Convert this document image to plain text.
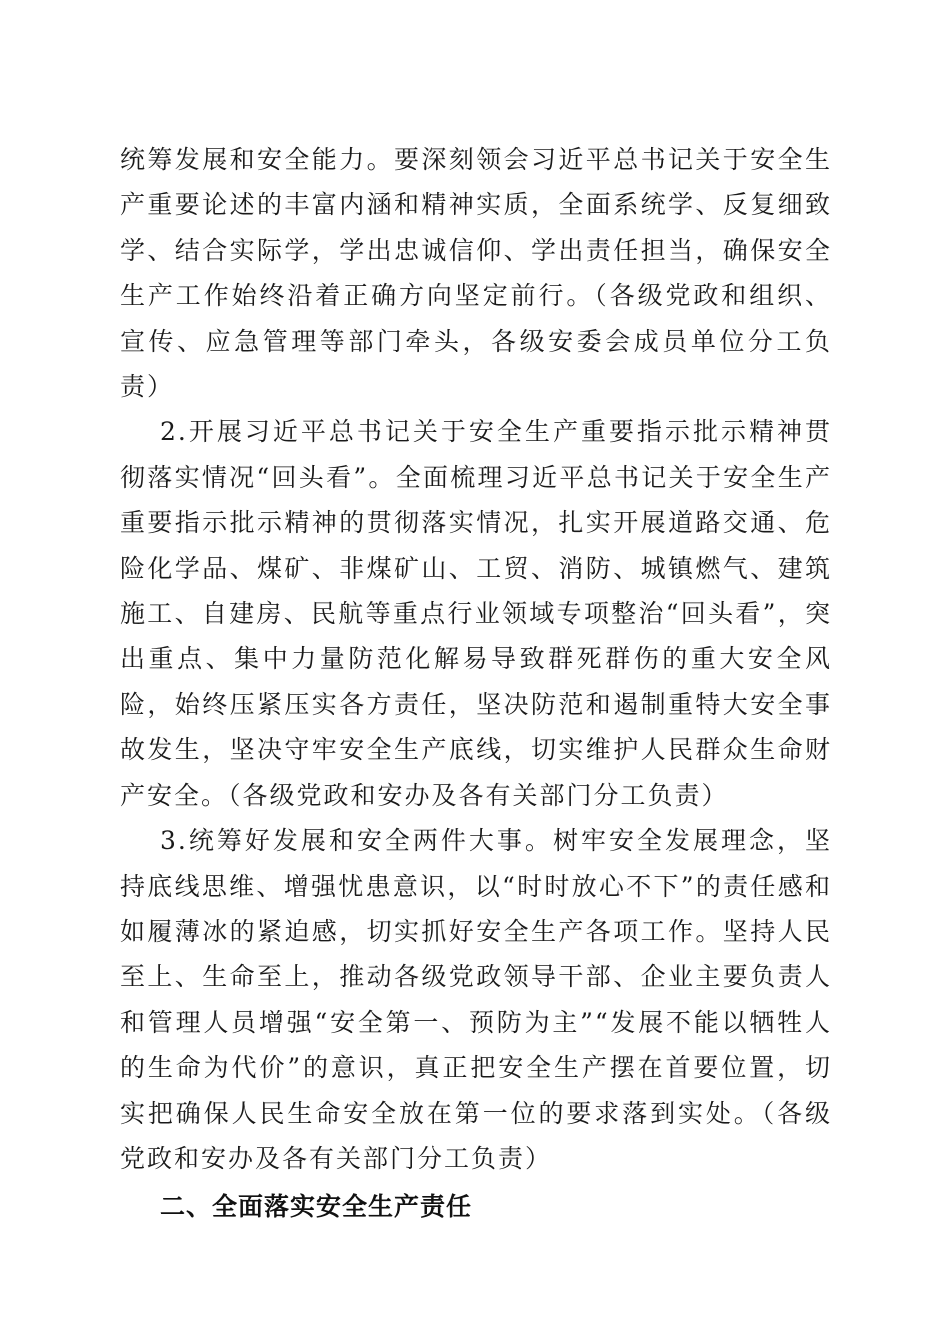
统筹发展和安全能力。要深刻领会习近平总书记关于安全生产重要论述的丰富内涵和精神实质，全面系统学、反复细致学、结合实际学，学出忠诚信仰、学出责任担当，确保安全生产工作始终沿着正确方向坚定前行。（各级党政和组织、宣传、应急管理等部门牵头，各级安委会成员单位分工负责）

2.开展习近平总书记关于安全生产重要指示批示精神贯彻落实情况“回头看”。全面梳理习近平总书记关于安全生产重要指示批示精神的贯彻落实情况，扎实开展道路交通、危险化学品、煤矿、非煤矿山、工贸、消防、城镇燃气、建筑施工、自建房、民航等重点行业领域专项整治“回头看”，突出重点、集中力量防范化解易导致群死群伤的重大安全风险，始终压紧压实各方责任，坚决防范和遏制重特大安全事故发生，坚决守牢安全生产底线，切实维护人民群众生命财产安全。（各级党政和安办及各有关部门分工负责）

3.统筹好发展和安全两件大事。树牢安全发展理念，坚持底线思维、增强忧患意识，以“时时放心不下”的责任感和如履薄冰的紧迫感，切实抓好安全生产各项工作。坚持人民至上、生命至上，推动各级党政领导干部、企业主要负责人和管理人员增强“安全第一、预防为主”“发展不能以牺牲人的生命为代价”的意识，真正把安全生产摆在首要位置，切实把确保人民生命安全放在第一位的要求落到实处。（各级党政和安办及各有关部门分工负责）

二、全面落实安全生产责任
